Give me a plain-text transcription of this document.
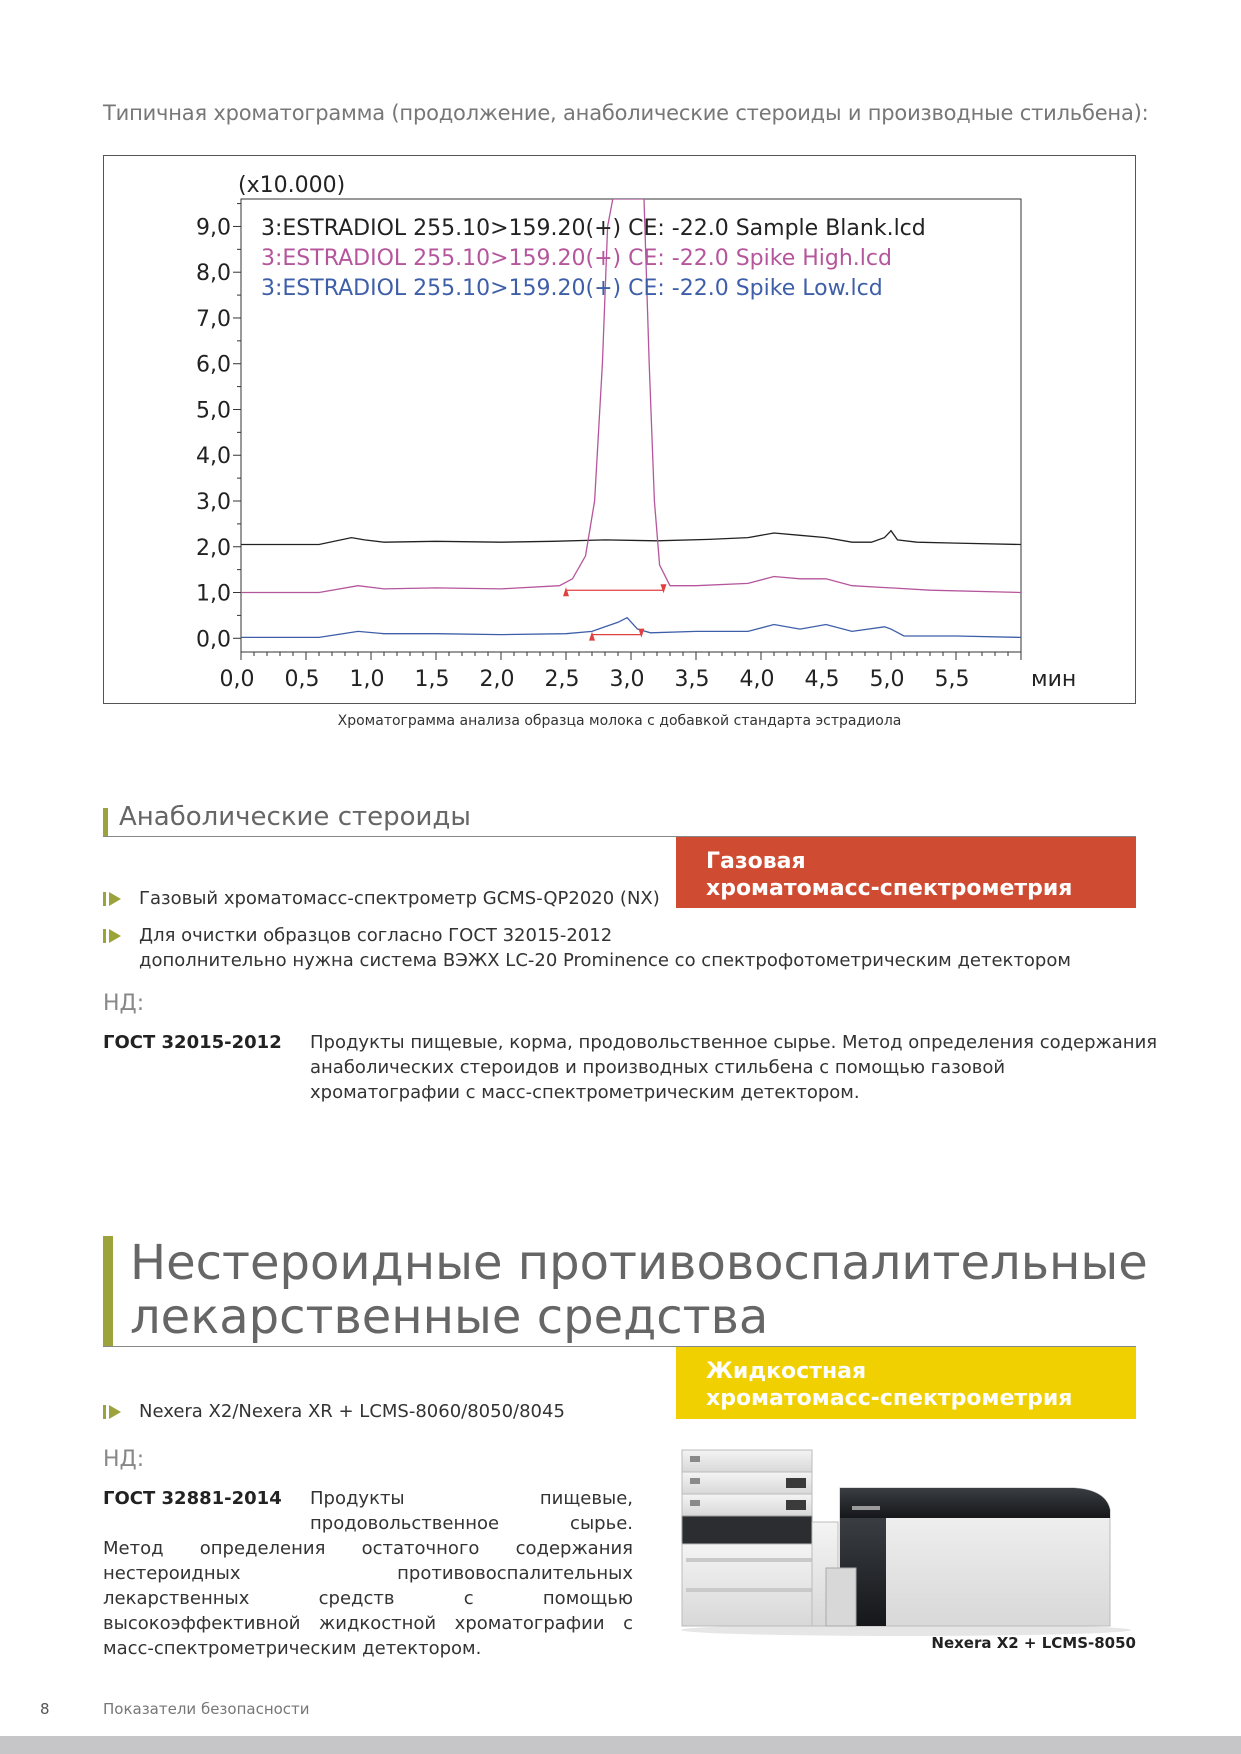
Типичная хроматограмма (продолжение, анаболические стероиды и производные стильбена):
0,0 0,5 1,0 1,5 2,0 2,5 3,0 3,5 4,0 4,5 5,0 5,5	мин
0,0
1,0
2,0
3,0
4,0
5,0
6,0
7,0
8,0
9,0
(x10.000)
3:ESTRADIOL 255.10>159.20(+) CE: -22.0 Sample Blank.lcd
3:ESTRADIOL 255.10>159.20(+) CE: -22.0 Spike High.lcd
3:ESTRADIOL 255.10>159.20(+) CE: -22.0 Spike Low.lcd
Хроматограмма анализа образца молока с добавкой стандарта эстрадиола
Анаболические стероиды
Газовая
хроматомасс-спектрометрия
Газовый хроматомасс-спектрометр GCMS-QP2020 (NX)
Для очистки образцов согласно ГОСТ 32015-2012
дополнительно нужна система ВЭЖХ LC-20 Prominence со спектрофотометрическим детектором
НД:
ГОСТ 32015-2012 Продукты пищевые, корма, продовольственное сырье. Метод определения содержания
анаболических стероидов и производных стильбена с помощью газовой
хроматографии с масс-спектрометрическим детектором.
Нестероидные противовоспалительные
лекарственные средства
Жидкостная
хроматомасс-спектрометрия
Nexera X2/Nexera XR + LCMS-8060/8050/8045
НД:
ГОСТ 32881-2014	Продукты пищевые, продовольственное сырье. Метод определения остаточного содержания нестероидных противовоспалительных лекарственных средств с помощью высокоэффективной жидкостной хроматографии с масс-спектрометрическим детектором.	Nexera X2 + LCMS-8050
8	Показатели безопасности
